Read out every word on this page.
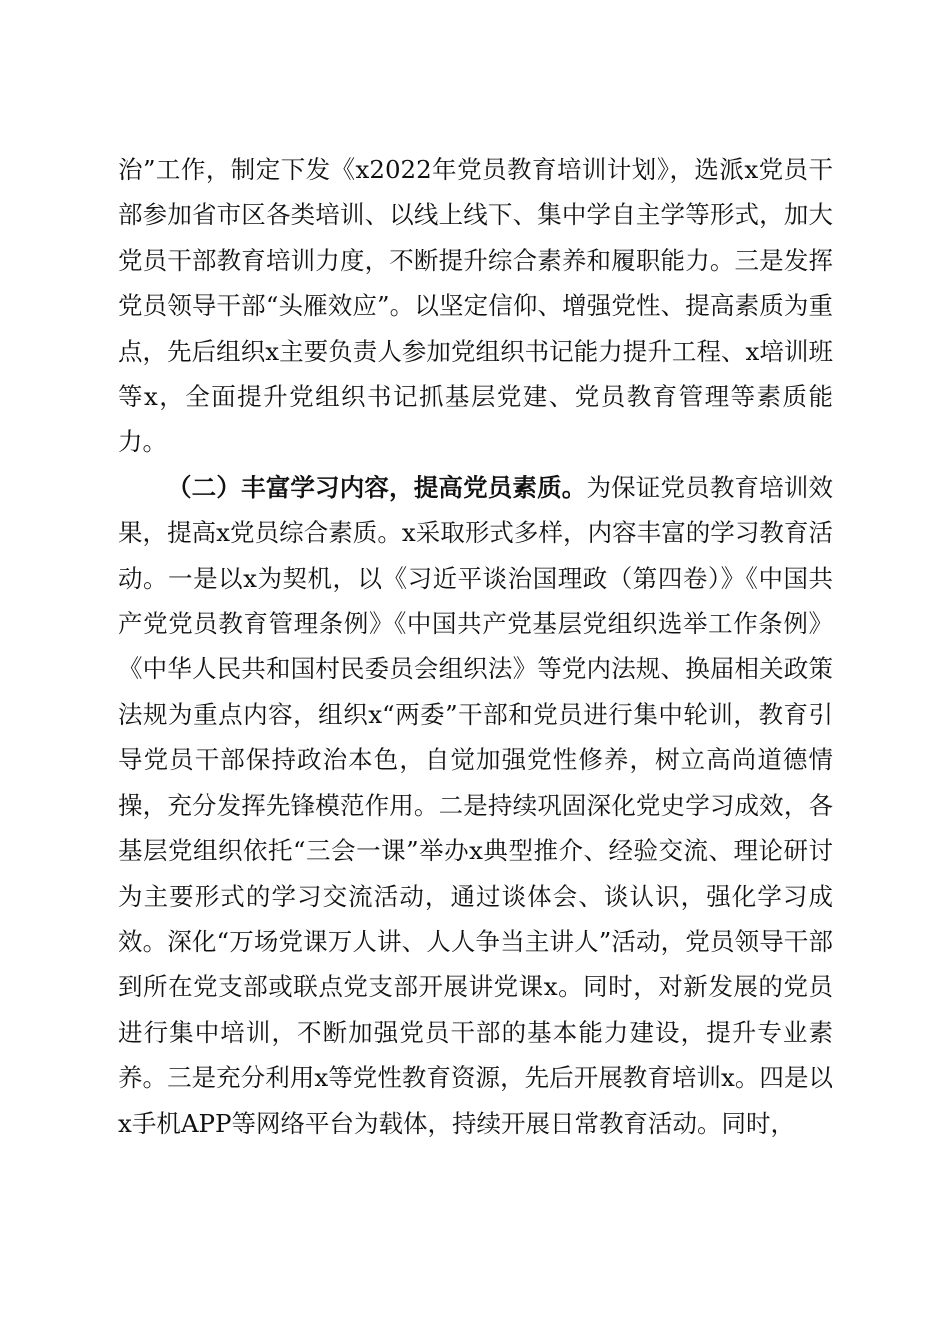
治”工作，制定下发《x2022年党员教育培训计划》，选派x党员干部参加省市区各类培训、以线上线下、集中学自主学等形式，加大党员干部教育培训力度，不断提升综合素养和履职能力。三是发挥党员领导干部“头雁效应”。以坚定信仰、增强党性、提高素质为重点，先后组织x主要负责人参加党组织书记能力提升工程、x培训班等x，全面提升党组织书记抓基层党建、党员教育管理等素质能力。

（二）丰富学习内容，提高党员素质。为保证党员教育培训效果，提高x党员综合素质。x采取形式多样，内容丰富的学习教育活动。一是以x为契机，以《习近平谈治国理政（第四卷）》《中国共产党党员教育管理条例》《中国共产党基层党组织选举工作条例》《中华人民共和国村民委员会组织法》等党内法规、换届相关政策法规为重点内容，组织x“两委”干部和党员进行集中轮训，教育引导党员干部保持政治本色，自觉加强党性修养，树立高尚道德情操，充分发挥先锋模范作用。二是持续巩固深化党史学习成效，各基层党组织依托“三会一课”举办x典型推介、经验交流、理论研讨为主要形式的学习交流活动，通过谈体会、谈认识，强化学习成效。深化“万场党课万人讲、人人争当主讲人”活动，党员领导干部到所在党支部或联点党支部开展讲党课x。同时，对新发展的党员进行集中培训，不断加强党员干部的基本能力建设，提升专业素养。三是充分利用x等党性教育资源，先后开展教育培训x。四是以x手机APP等网络平台为载体，持续开展日常教育活动。同时，
